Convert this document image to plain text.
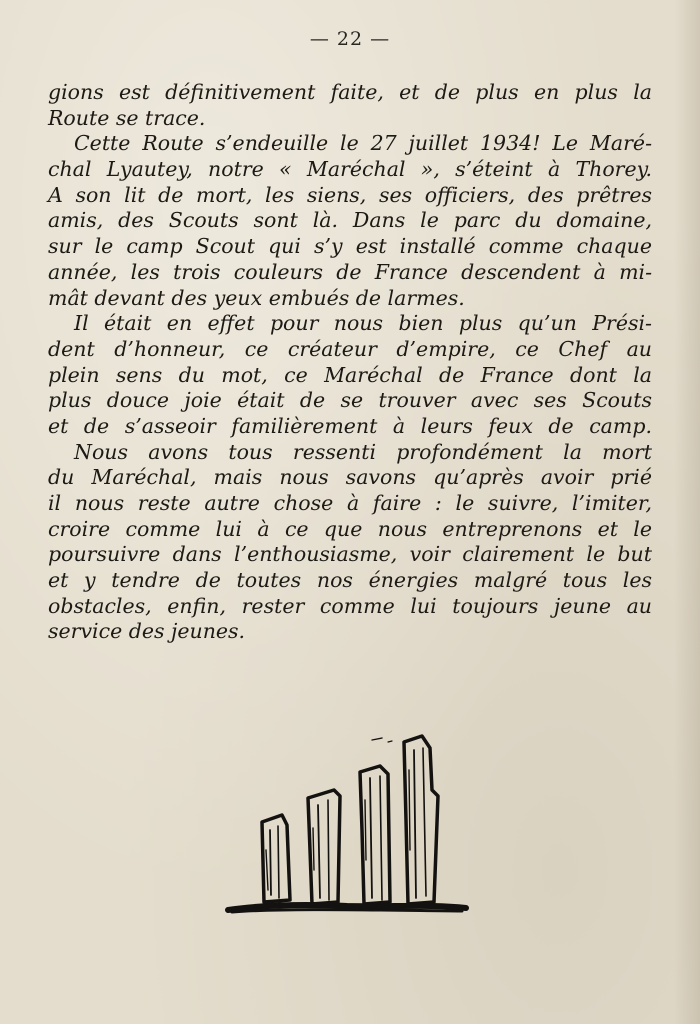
— 22 —
gions est définitivement faite, et de plus en plus la
Route se trace.
Cette Route s’endeuille le 27 juillet 1934! Le Maré-
chal Lyautey, notre « Maréchal », s’éteint à Thorey.
A son lit de mort, les siens, ses officiers, des prêtres
amis, des Scouts sont là. Dans le parc du domaine,
sur le camp Scout qui s’y est installé comme chaque
année, les trois couleurs de France descendent à mi-
mât devant des yeux embués de larmes.
Il était en effet pour nous bien plus qu’un Prési-
dent d’honneur, ce créateur d’empire, ce Chef au
plein sens du mot, ce Maréchal de France dont la
plus douce joie était de se trouver avec ses Scouts
et de s’asseoir familièrement à leurs feux de camp.
Nous avons tous ressenti profondément la mort
du Maréchal, mais nous savons qu’après avoir prié
il nous reste autre chose à faire : le suivre, l’imiter,
croire comme lui à ce que nous entreprenons et le
poursuivre dans l’enthousiasme, voir clairement le but
et y tendre de toutes nos énergies malgré tous les
obstacles, enfin, rester comme lui toujours jeune au
service des jeunes.
